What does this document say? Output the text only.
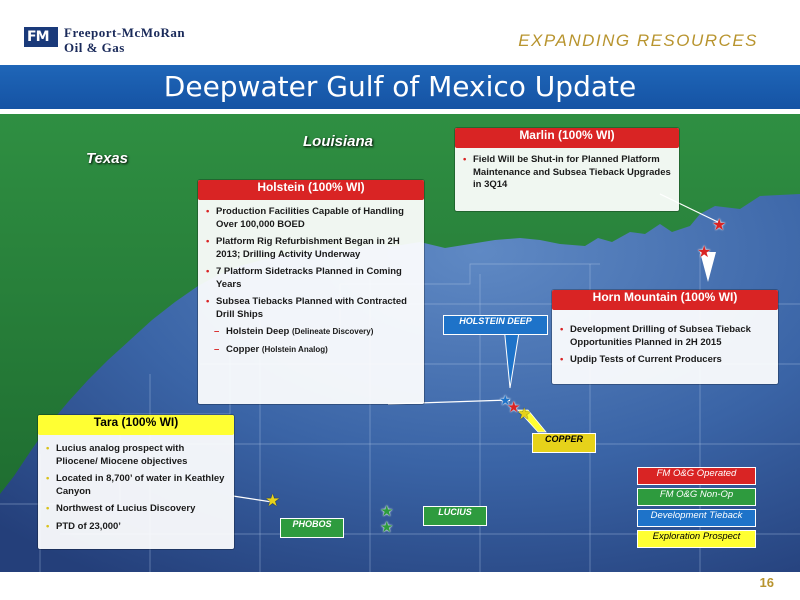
FM Freeport-McMoRan
Oil & Gas	EXPANDING RESOURCES
Deepwater Gulf of Mexico Update
Texas
Louisiana
★
★
★
★
★
★
★
★
Marlin (100% WI)
• Field Will be Shut-in for Planned Platform Maintenance and Subsea Tieback Upgrades in 3Q14
Holstein (100% WI)
• Production Facilities Capable of Handling Over 100,000 BOED
• Platform Rig Refurbishment Began in 2H 2013; Drilling Activity Underway
• 7 Platform Sidetracks Planned in Coming Years
• Subsea Tiebacks Planned with Contracted Drill Ships
– Holstein Deep (Delineate Discovery)
– Copper (Holstein Analog)
Horn Mountain (100% WI)
• Development Drilling of Subsea Tieback Opportunities Planned in 2H 2015
• Updip Tests of Current Producers
Tara (100% WI)
• Lucius analog prospect with Pliocene/ Miocene objectives
• Located in 8,700’ of water in Keathley Canyon
• Northwest of Lucius Discovery
• PTD of 23,000’
HOLSTEIN DEEP
COPPER
PHOBOS
LUCIUS
FM O&G Operated
FM O&G Non-Op
Development Tieback
Exploration Prospect
16
